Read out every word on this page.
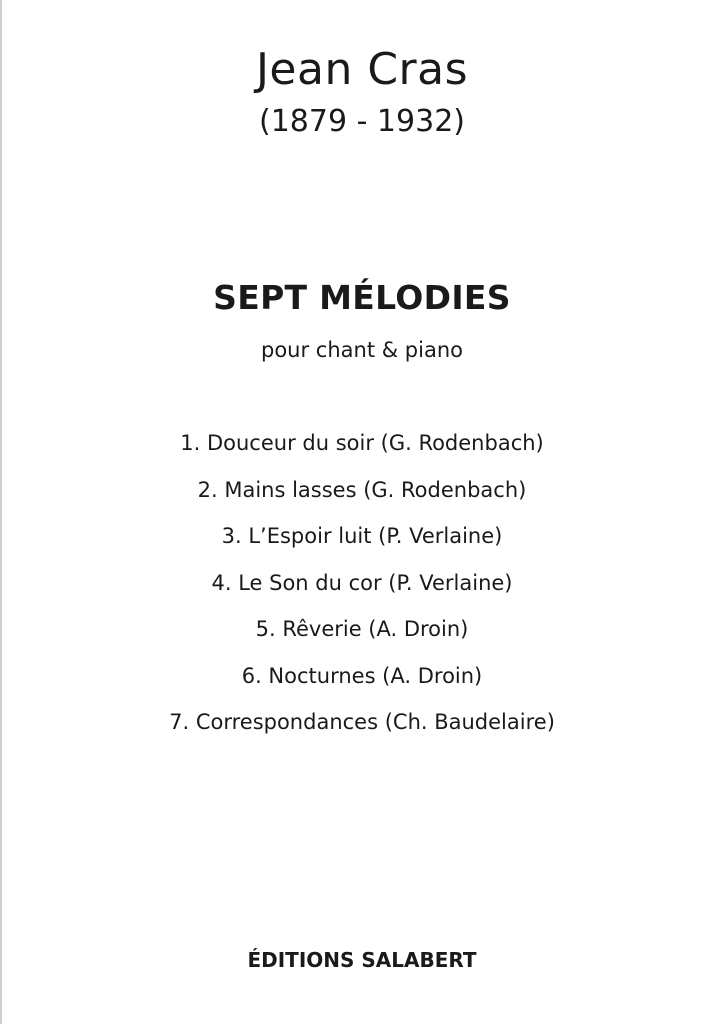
Jean Cras
(1879 - 1932)
SEPT MÉLODIES
pour chant & piano
1. Douceur du soir (G. Rodenbach)
2. Mains lasses (G. Rodenbach)
3. L’Espoir luit (P. Verlaine)
4. Le Son du cor (P. Verlaine)
5. Rêverie (A. Droin)
6. Nocturnes (A. Droin)
7. Correspondances (Ch. Baudelaire)
ÉDITIONS SALABERT
